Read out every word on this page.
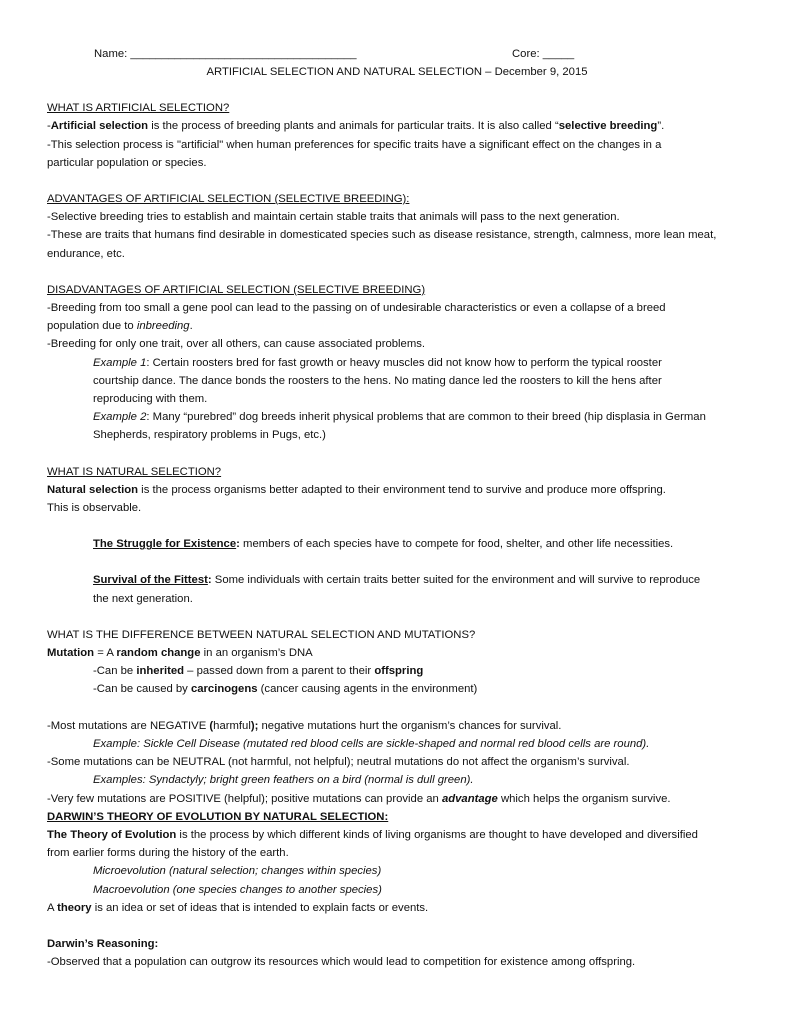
Name: ____________________________________	Core: _____
ARTIFICIAL SELECTION AND NATURAL SELECTION – December 9, 2015
WHAT IS ARTIFICIAL SELECTION?
-Artificial selection is the process of breeding plants and animals for particular traits. It is also called “selective breeding”.
-This selection process is "artificial" when human preferences for specific traits have a significant effect on the changes in a
particular population or species.
ADVANTAGES OF ARTIFICIAL SELECTION (SELECTIVE BREEDING):
-Selective breeding tries to establish and maintain certain stable traits that animals will pass to the next generation.
-These are traits that humans find desirable in domesticated species such as disease resistance, strength, calmness, more lean meat,
endurance, etc.
DISADVANTAGES OF ARTIFICIAL SELECTION (SELECTIVE BREEDING)
-Breeding from too small a gene pool can lead to the passing on of undesirable characteristics or even a collapse of a breed
population due to inbreeding.
-Breeding for only one trait, over all others, can cause associated problems.
Example 1: Certain roosters bred for fast growth or heavy muscles did not know how to perform the typical rooster
courtship dance. The dance bonds the roosters to the hens. No mating dance led the roosters to kill the hens after
reproducing with them.
Example 2: Many “purebred” dog breeds inherit physical problems that are common to their breed (hip displasia in German
Shepherds, respiratory problems in Pugs, etc.)
WHAT IS NATURAL SELECTION?
Natural selection is the process organisms better adapted to their environment tend to survive and produce more offspring.
This is observable.
The Struggle for Existence: members of each species have to compete for food, shelter, and other life necessities.
Survival of the Fittest: Some individuals with certain traits better suited for the environment and will survive to reproduce
the next generation.
WHAT IS THE DIFFERENCE BETWEEN NATURAL SELECTION AND MUTATIONS?
Mutation = A random change in an organism’s DNA
-Can be inherited – passed down from a parent to their offspring
-Can be caused by carcinogens (cancer causing agents in the environment)
-Most mutations are NEGATIVE (harmful); negative mutations hurt the organism’s chances for survival.
Example: Sickle Cell Disease (mutated red blood cells are sickle-shaped and normal red blood cells are round).
-Some mutations can be NEUTRAL (not harmful, not helpful); neutral mutations do not affect the organism’s survival.
Examples: Syndactyly; bright green feathers on a bird (normal is dull green).
-Very few mutations are POSITIVE (helpful); positive mutations can provide an advantage which helps the organism survive.
DARWIN’S THEORY OF EVOLUTION BY NATURAL SELECTION:
The Theory of Evolution is the process by which different kinds of living organisms are thought to have developed and diversified
from earlier forms during the history of the earth.
Microevolution (natural selection; changes within species)
Macroevolution (one species changes to another species)
A theory is an idea or set of ideas that is intended to explain facts or events.
Darwin’s Reasoning:
-Observed that a population can outgrow its resources which would lead to competition for existence among offspring.
